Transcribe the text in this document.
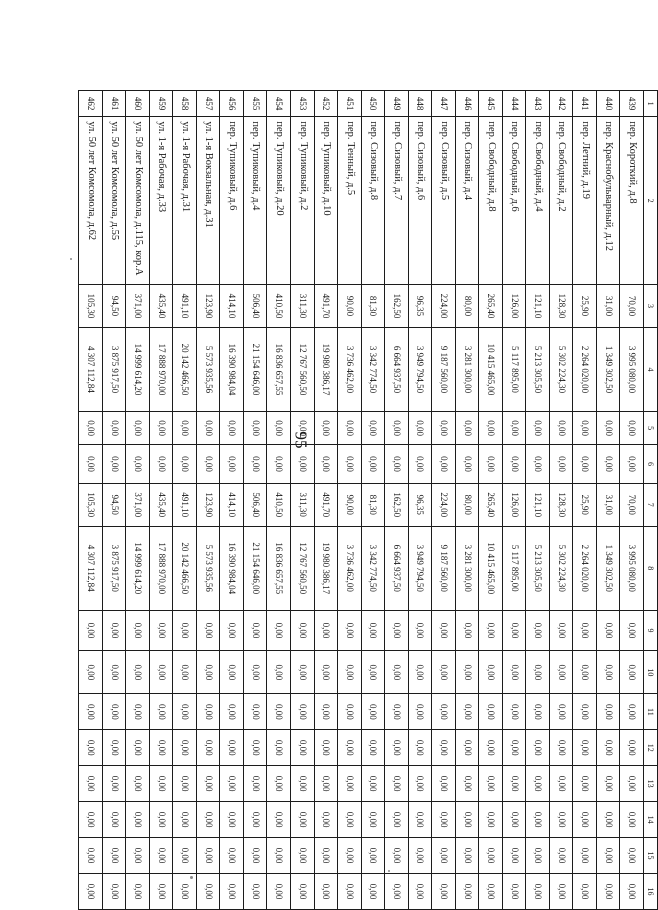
95
1	2	3	4	5	6	7	8	9	10	11	12	13	14	15	16
439	пер. Короткий, д.8	70,00	3 995 080,00	0,00	0,00	70,00	3 995 080,00	0,00	0,00	0,00	0,00	0,00	0,00	0,00	0,00
440	пер. Краснобульварный, д.12	31,00	1 349 302,50	0,00	0,00	31,00	1 349 302,50	0,00	0,00	0,00	0,00	0,00	0,00	0,00	0,00
441	пер. Летний, д.19	25,90	2 264 020,00	0,00	0,00	25,90	2 264 020,00	0,00	0,00	0,00	0,00	0,00	0,00	0,00	0,00
442	пер. Свободный, д.2	128,30	5 302 224,30	0,00	0,00	128,30	5 302 224,30	0,00	0,00	0,00	0,00	0,00	0,00	0,00	0,00
443	пер. Свободный, д.4	121,10	5 213 305,50	0,00	0,00	121,10	5 213 305,50	0,00	0,00	0,00	0,00	0,00	0,00	0,00	0,00
444	пер. Свободный, д.6	126,00	5 117 895,00	0,00	0,00	126,00	5 117 895,00	0,00	0,00	0,00	0,00	0,00	0,00	0,00	0,00
445	пер. Свободный, д.8	265,40	10 415 465,00	0,00	0,00	265,40	10 415 465,00	0,00	0,00	0,00	0,00	0,00	0,00	0,00	0,00
446	пер. Сизовый, д.4	80,00	3 281 300,00	0,00	0,00	80,00	3 281 300,00	0,00	0,00	0,00	0,00	0,00	0,00	0,00	0,00
447	пер. Сизовый, д.5	224,00	9 187 560,00	0,00	0,00	224,00	9 187 560,00	0,00	0,00	0,00	0,00	0,00	0,00	0,00	0,00
448	пер. Сизовый, д.6	96,35	3 949 794,50	0,00	0,00	96,35	3 949 794,50	0,00	0,00	0,00	0,00	0,00	0,00	0,00	0,00
449	пер. Сизовый, д.7	162,50	6 664 937,50	0,00	0,00	162,50	6 664 937,50	0,00	0,00	0,00	0,00	0,00	0,00	0,00	0,00
450	пер. Сизовый, д.8	81,30	3 342 774,50	0,00	0,00	81,30	3 342 774,50	0,00	0,00	0,00	0,00	0,00	0,00	0,00	0,00
451	пер. Тенный, д.5	90,00	3 736 462,00	0,00	0,00	90,00	3 736 462,00	0,00	0,00	0,00	0,00	0,00	0,00	0,00	0,00
452	пер. Тупиковый, д.10	491,70	19 980 386,17	0,00	0,00	491,70	19 980 386,17	0,00	0,00	0,00	0,00	0,00	0,00	0,00	0,00
453	пер. Тупиковый, д.2	311,30	12 767 560,50	0,00	0,00	311,30	12 767 560,50	0,00	0,00	0,00	0,00	0,00	0,00	0,00	0,00
454	пер. Тупиковый, д.20	410,50	16 836 657,55	0,00	0,00	410,50	16 836 657,55	0,00	0,00	0,00	0,00	0,00	0,00	0,00	0,00
455	пер. Тупиковый, д.4	506,40	21 154 646,00	0,00	0,00	506,40	21 154 646,00	0,00	0,00	0,00	0,00	0,00	0,00	0,00	0,00
456	пер. Тупиковый, д.6	414,10	16 390 984,04	0,00	0,00	414,10	16 390 984,04	0,00	0,00	0,00	0,00	0,00	0,00	0,00	0,00
457	ул. 1-я Вокзальная, д.31	123,90	5 573 935,56	0,00	0,00	123,90	5 573 935,56	0,00	0,00	0,00	0,00	0,00	0,00	0,00	0,00
458	ул. 1-я Рабочая, д.31	491,10	20 142 466,50	0,00	0,00	491,10	20 142 466,50	0,00	0,00	0,00	0,00	0,00	0,00	0,00	0,00
459	ул. 1-я Рабочая, д.33	435,40	17 888 970,00	0,00	0,00	435,40	17 888 970,00	0,00	0,00	0,00	0,00	0,00	0,00	0,00	0,00
460	ул. 50 лет Комсомола, д.115, кор.А	371,00	14 999 614,20	0,00	0,00	371,00	14 999 614,20	0,00	0,00	0,00	0,00	0,00	0,00	0,00	0,00
461	ул. 50 лет Комсомола, д.55	94,50	3 875 917,50	0,00	0,00	94,50	3 875 917,50	0,00	0,00	0,00	0,00	0,00	0,00	0,00	0,00
462	ул. 50 лет Комсомола, д.62	105,30	4 307 112,84	0,00	0,00	105,30	4 307 112,84	0,00	0,00	0,00	0,00	0,00	0,00	0,00	0,00
